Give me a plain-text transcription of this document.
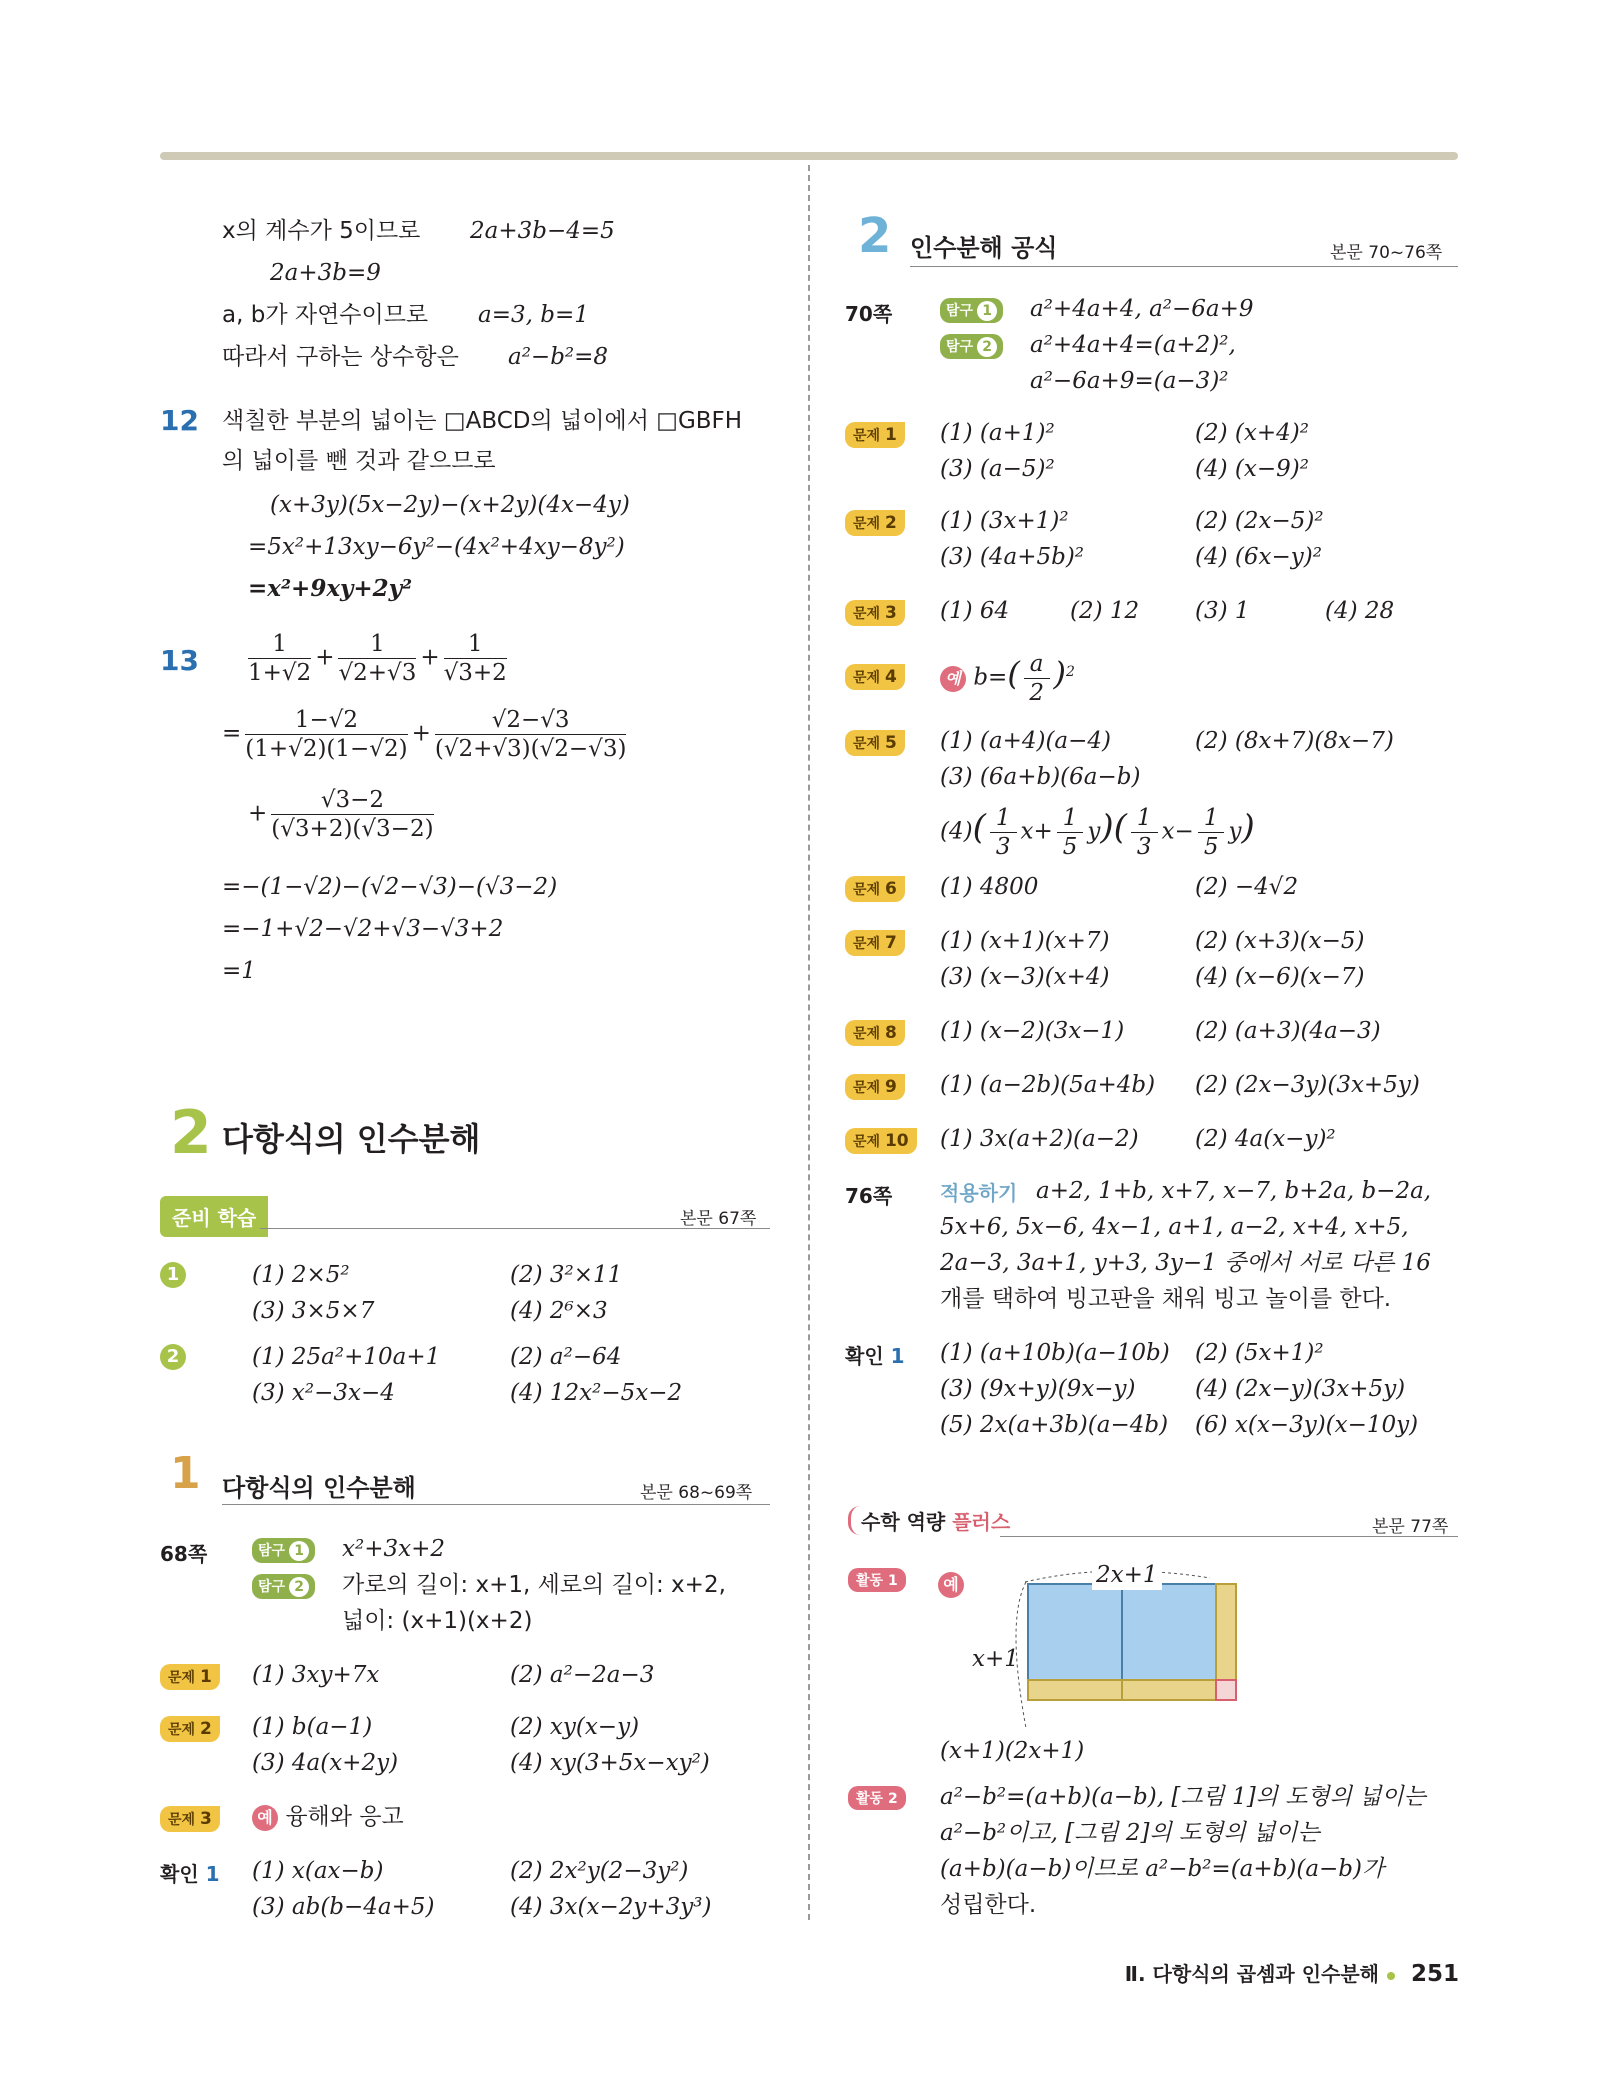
x의 계수가 5이므로 2a+3b−4=5
2a+3b=9
a, b가 자연수이므로 a=3, b=1
따라서 구하는 상수항은 a²−b²=8
12 색칠한 부분의 넓이는 □ABCD의 넓이에서 □GBFH
의 넓이를 뺀 것과 같으므로
(x+3y)(5x−2y)−(x+2y)(4x−4y)
=5x²+13xy−6y²−(4x²+4xy−8y²)
=x²+9xy+2y²
$13 \frac{1}{1+√2} + \frac{1}{√2+√3} + \frac{1}{√3+2}$
= $\frac{1-√2}{(1+√2)(1-√2)} + \frac{√2-√3}{(√2+√3)(√2-√3)}$
+ $\frac{√3-2}{(√3+2)(√3-2)}$
=−(1−√2)−(√2−√3)−(√3−2)
=−1+√2−√2+√3−√3+2
=1
2 다항식의 인수분해
준비 학습	본문 67쪽
1	(1) 2×5²	(2) 3²×11
(3) 3×5×7	(4) 2⁶×3
2	(1) 25a²+10a+1	(2) a²−64
(3) x²−3x−4	(4) 12x²−5x−2
1 다항식의 인수분해	본문 68~69쪽
68쪽	탐구 1	x²+3x+2
탐구 2	가로의 길이: x+1, 세로의 길이: x+2,
넓이: (x+1)(x+2)
문제 1	(1) 3xy+7x	(2) a²−2a−3
문제 2	(1) b(a−1)	(2) xy(x−y)
(3) 4a(x+2y)	(4) xy(3+5x−xy²)
문제 3	예 융해와 응고
확인 1 (1) x(ax−b)	(2) 2x²y(2−3y²)
(3) ab(b−4a+5)	(4) 3x(x−2y+3y³)
2 인수분해 공식	본문 70~76쪽
70쪽	탐구 1	a²+4a+4, a²−6a+9
탐구 2	a²+4a+4=(a+2)²,
a²−6a+9=(a−3)²
문제 1	(1) (a+1)²	(2) (x+4)²
(3) (a−5)²	(4) (x−9)²
문제 2	(1) (3x+1)²	(2) (2x−5)²
(3) (4a+5b)²	(4) (6x−y)²
문제 3	(1) 64	(2) 12 (3) 1	(4) 28
문제 4	예 $b=( \frac{a}{2} )^2$
문제 5	(1) (a+4)(a−4)	(2) (8x+7)(8x−7)
(3) (6a+b)(6a−b)
$(4)( \frac{1}{3} x+ \frac{1}{5} y)( \frac{1}{3} x- \frac{1}{5} y)$
문제 6	(1) 4800	(2) −4√2
문제 7	(1) (x+1)(x+7)	(2) (x+3)(x−5)
(3) (x−3)(x+4)	(4) (x−6)(x−7)
문제 8	(1) (x−2)(3x−1)	(2) (a+3)(4a−3)
문제 9	(1) (a−2b)(5a+4b) (2) (2x−3y)(3x+5y)
문제 10	(1) 3x(a+2)(a−2) (2) 4a(x−y)²
76쪽 적용하기 a+2, 1+b, x+7, x−7, b+2a, b−2a,
5x+6, 5x−6, 4x−1, a+1, a−2, x+4, x+5,
2a−3, 3a+1, y+3, 3y−1 중에서 서로 다른 16
개를 택하여 빙고판을 채워 빙고 놀이를 한다.
확인 1 (1) (a+10b)(a−10b) (2) (5x+1)²
(3) (9x+y)(9x−y)	(4) (2x−y)(3x+5y)
(5) 2x(a+3b)(a−4b) (6) x(x−3y)(x−10y)
수학 역량 플러스	본문 77쪽
활동 1	예	2x+1
x+1
(x+1)(2x+1)
활동 2	a²−b²=(a+b)(a−b), [그림 1]의 도형의 넓이는
a²−b²이고, [그림 2]의 도형의 넓이는
(a+b)(a−b)이므로 a²−b²=(a+b)(a−b)가
성립한다.
Ⅱ. 다항식의 곱셈과 인수분해 251
